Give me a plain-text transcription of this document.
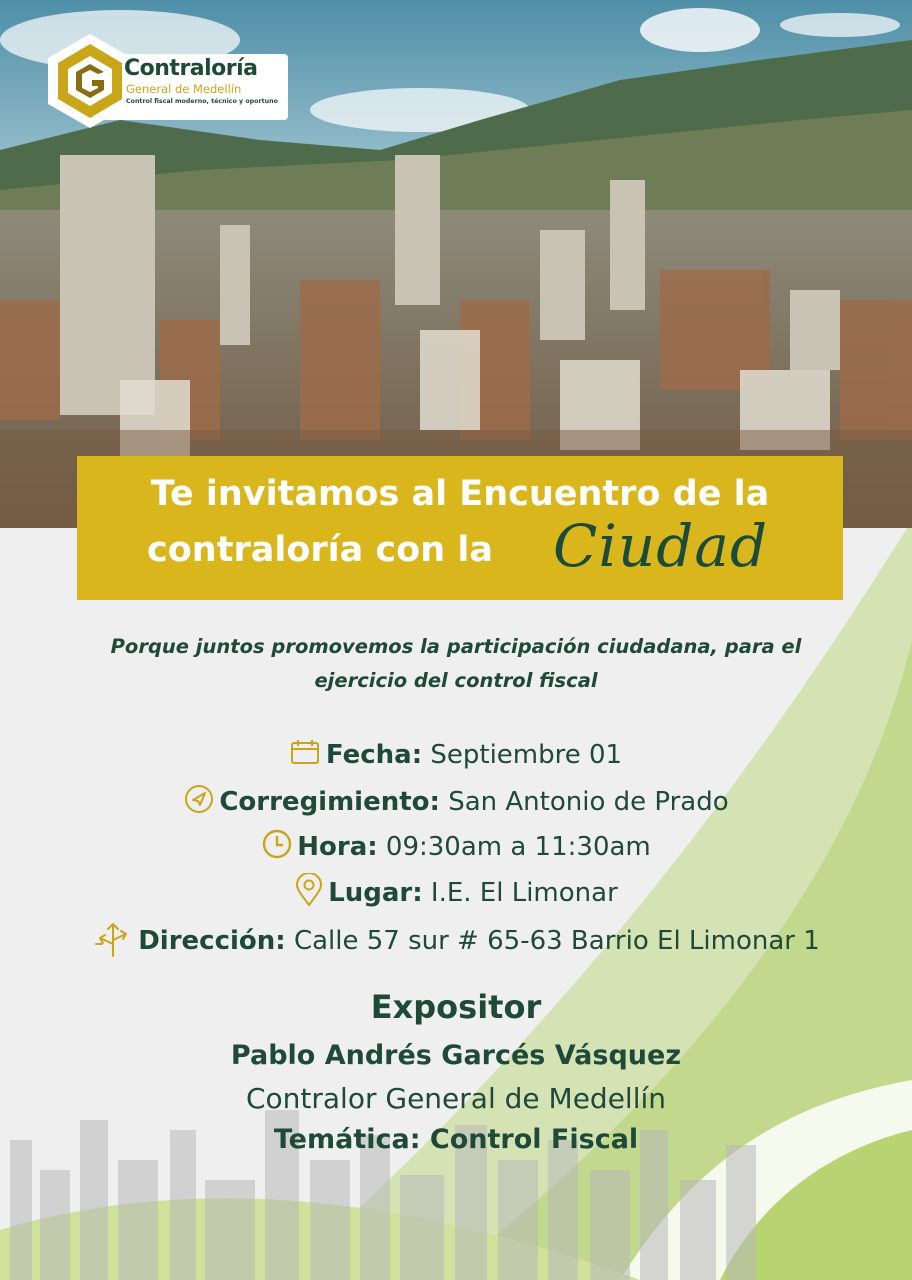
Contraloría
General de Medellín
Control fiscal moderno, técnico y oportuno
Te invitamos al Encuentro de la
contraloría con la Ciudad
Porque juntos promovemos la participación ciudadana, para el
ejercicio del control fiscal
Fecha: Septiembre 01
Corregimiento: San Antonio de Prado
Hora: 09:30am a 11:30am
Lugar: I.E. El Limonar
Dirección: Calle 57 sur # 65-63 Barrio El Limonar 1
Expositor
Pablo Andrés Garcés Vásquez
Contralor General de Medellín
Temática: Control Fiscal
